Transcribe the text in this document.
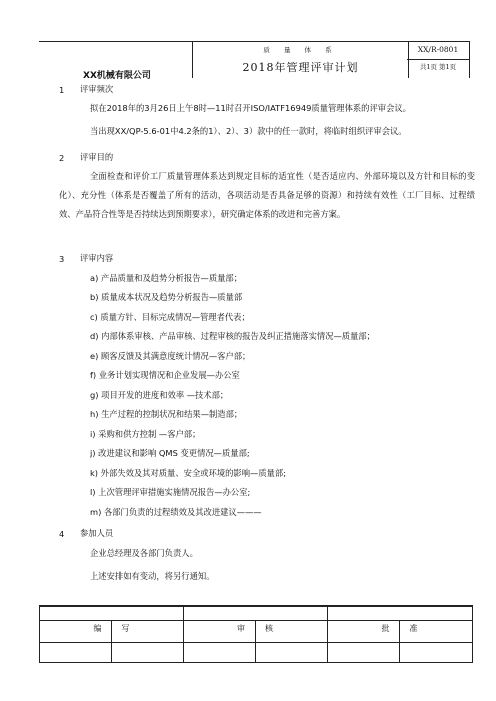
XX机械有限公司
质 量 体 系
2018年管理评审计划
XX/R-0801
共1页 第1页
1 评审频次
拟在2018年的3月26日上午8时—11时召开ISO/IATF16949质量管理体系的评审会议。
当出现XX/QP-5.6-01中4.2条的1）、2）、3）款中的任一款时，将临时组织评审会议。
2 评审目的
全面检查和评价工厂质量管理体系达到规定目标的适宜性（是否适应内、外部环境以及方针和目标的变化）、充分性（体系是否覆盖了所有的活动，各项活动是否具备足够的资源）和持续有效性（工厂目标、过程绩效、产品符合性等是否持续达到预期要求），研究确定体系的改进和完善方案。
3 评审内容
a) 产品质量和及趋势分析报告—质量部；
b) 质量成本状况及趋势分析报告—质量部
c) 质量方针、目标完成情况—管理者代表；
d) 内部体系审核、产品审核、过程审核的报告及纠正措施落实情况—质量部；
e) 顾客反馈及其满意度统计情况—客户部；
f) 业务计划实现情况和企业发展—办公室
g) 项目开发的进度和效率 —技术部；
h) 生产过程的控制状况和结果—制造部；
i) 采购和供方控制 —客户部；
j) 改进建议和影响 QMS 变更情况—质量部;
k) 外部失效及其对质量、安全或环境的影响—质量部;
l) 上次管理评审措施实施情况报告—办公室;
m) 各部门负责的过程绩效及其改进建议———
4 参加人员
企业总经理及各部门负责人。
上述安排如有变动，将另行通知。
编写	审核	批准
